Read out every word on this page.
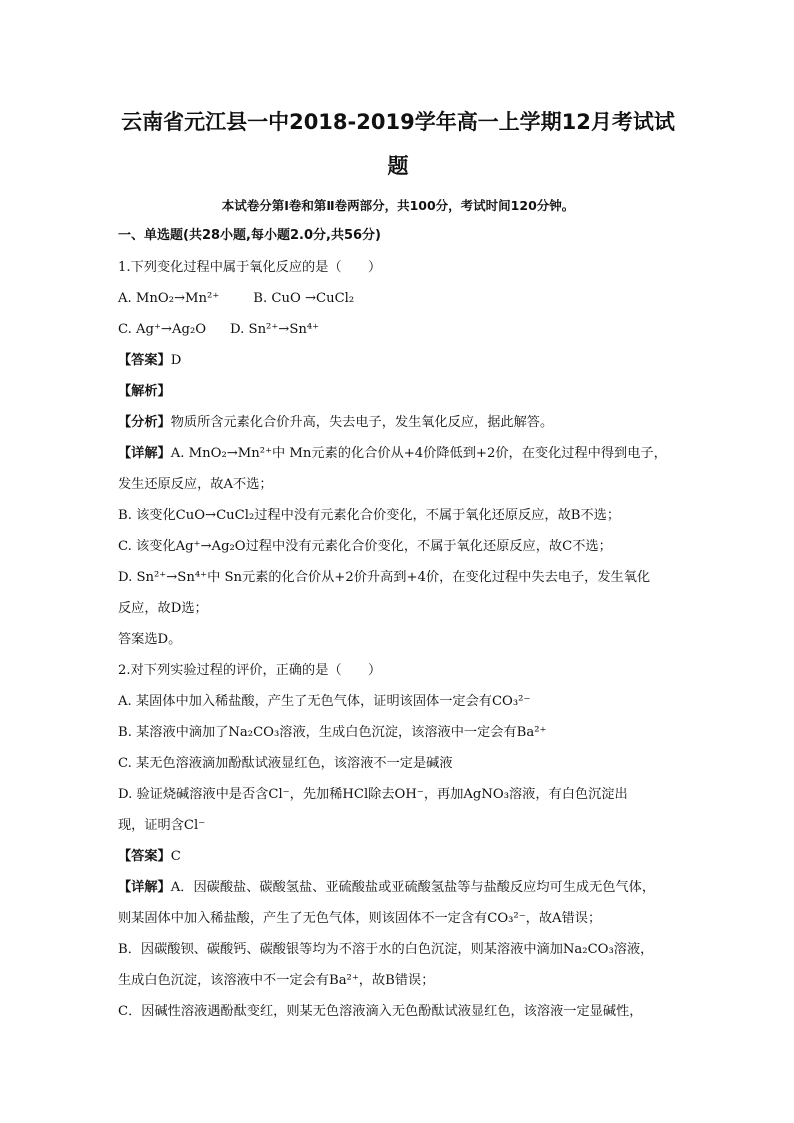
云南省元江县一中2018-2019学年高一上学期12月考试试
题
本试卷分第Ⅰ卷和第Ⅱ卷两部分，共100分，考试时间120分钟。
一、单选题(共28小题,每小题2.0分,共56分)
1.下列变化过程中属于氧化反应的是（　　）
A. MnO₂→Mn²⁺	B. CuO →CuCl₂
C. Ag⁺→Ag₂O D. Sn²⁺→Sn⁴⁺
【答案】D
【解析】
【分析】物质所含元素化合价升高，失去电子，发生氧化反应，据此解答。
【详解】A. MnO₂→Mn²⁺中 Mn元素的化合价从+4价降低到+2价，在变化过程中得到电子，
发生还原反应，故A不选；
B. 该变化CuO→CuCl₂过程中没有元素化合价变化，不属于氧化还原反应，故B不选；
C. 该变化Ag⁺→Ag₂O过程中没有元素化合价变化，不属于氧化还原反应，故C不选；
D. Sn²⁺→Sn⁴⁺中 Sn元素的化合价从+2价升高到+4价，在变化过程中失去电子，发生氧化
反应，故D选；
答案选D。
2.对下列实验过程的评价，正确的是（　　）
A. 某固体中加入稀盐酸，产生了无色气体，证明该固体一定会有CO₃²⁻
B. 某溶液中滴加了Na₂CO₃溶液，生成白色沉淀，该溶液中一定会有Ba²⁺
C. 某无色溶液滴加酚酞试液显红色，该溶液不一定是碱液
D. 验证烧碱溶液中是否含Cl⁻，先加稀HCl除去OH⁻，再加AgNO₃溶液，有白色沉淀出
现，证明含Cl⁻
【答案】C
【详解】A．因碳酸盐、碳酸氢盐、亚硫酸盐或亚硫酸氢盐等与盐酸反应均可生成无色气体，
则某固体中加入稀盐酸，产生了无色气体，则该固体不一定含有CO₃²⁻，故A错误；
B．因碳酸钡、碳酸钙、碳酸银等均为不溶于水的白色沉淀，则某溶液中滴加Na₂CO₃溶液，
生成白色沉淀，该溶液中不一定会有Ba²⁺，故B错误；
C．因碱性溶液遇酚酞变红，则某无色溶液滴入无色酚酞试液显红色，该溶液一定显碱性，
